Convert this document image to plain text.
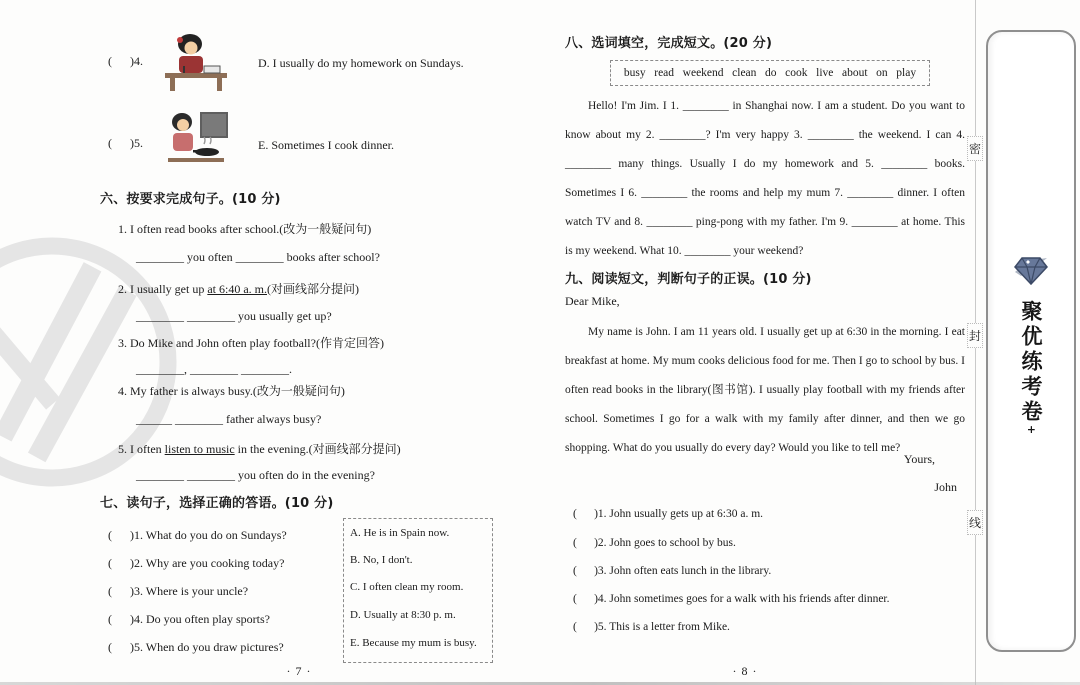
(      )4.	D. I usually do my homework on Sundays.
(      )5.	E. Sometimes I cook dinner.
六、按要求完成句子。(10 分)
1. I often read books after school.(改为一般疑问句)
________ you often ________ books after school?
2. I usually get up at 6:40 a. m.(对画线部分提问)
________ ________ you usually get up?
3. Do Mike and John often play football?(作肯定回答)
________, ________ ________.
4. My father is always busy.(改为一般疑问句)
______ ________ father always busy?
5. I often listen to music in the evening.(对画线部分提问)
________ ________ you often do in the evening?
七、读句子，选择正确的答语。(10 分)
(      )1. What do you do on Sundays?
(      )2. Why are you cooking today?
(      )3. Where is your uncle?
(      )4. Do you often play sports?
(      )5. When do you draw pictures?
A. He is in Spain now.
B. No, I don't.
C. I often clean my room.
D. Usually at 8:30 p. m.
E. Because my mum is busy.
· 7 ·
八、选词填空，完成短文。(20 分)
busy   read   weekend   clean   do   cook   live   about   on   play
Hello! I'm Jim. I 1. ________ in Shanghai now. I am a student. Do you want to know about my 2. ________? I'm very happy 3. ________ the weekend. I can 4. ________ many things. Usually I do my homework and 5. ________ books. Sometimes I 6. ________ the rooms and help my mum 7. ________ dinner. I often watch TV and 8. ________ ping-pong with my father. I'm 9. ________ at home. This is my weekend. What 10. ________ your weekend?
九、阅读短文，判断句子的正误。(10 分)
Dear Mike,
My name is John. I am 11 years old. I usually get up at 6:30 in the morning. I eat breakfast at home. My mum cooks delicious food for me. Then I go to school by bus. I often read books in the library(图书馆). I usually play football with my friends after school. Sometimes I go for a walk with my family after dinner, and then we go shopping. What do you usually do every day? Would you like to tell me?
Yours,
John
(      )1. John usually gets up at 6:30 a. m.
(      )2. John goes to school by bus.
(      )3. John often eats lunch in the library.
(      )4. John sometimes goes for a walk with his friends after dinner.
(      )5. This is a letter from Mike.
· 8 ·
密
封
线
聚优练考卷+
